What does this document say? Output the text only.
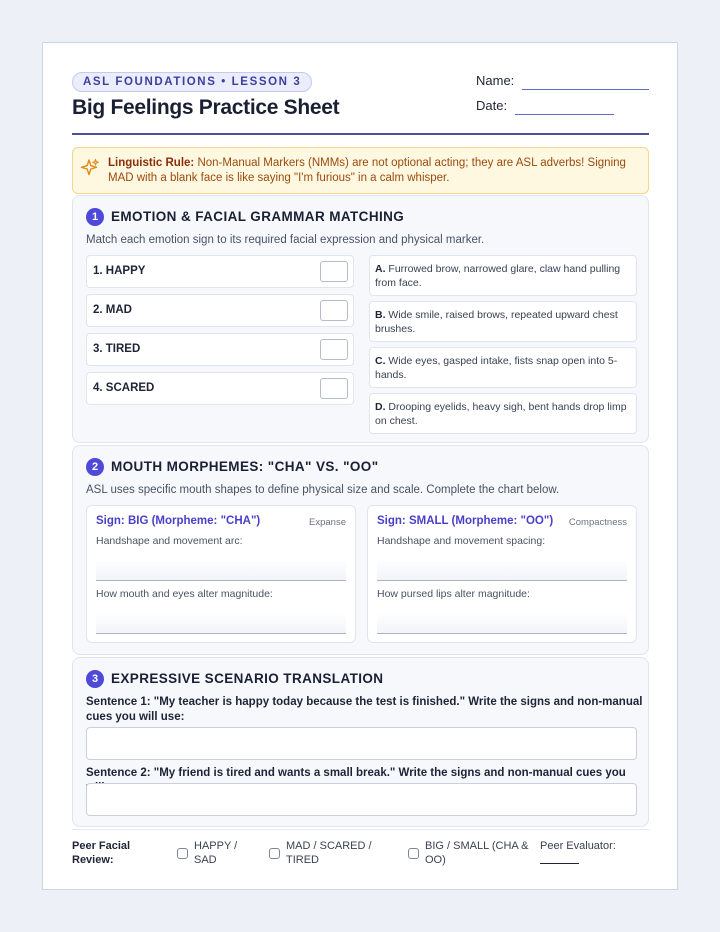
ASL FOUNDATIONS • LESSON 3
Big Feelings Practice Sheet
Name:
Date:
Linguistic Rule: Non-Manual Markers (NMMs) are not optional acting; they are ASL adverbs! Signing MAD with a blank face is like saying "I'm furious" in a calm whisper.
1 EMOTION & FACIAL GRAMMAR MATCHING
Match each emotion sign to its required facial expression and physical marker.
1. HAPPY
2. MAD
3. TIRED
4. SCARED
A. Furrowed brow, narrowed glare, claw hand pulling from face.
B. Wide smile, raised brows, repeated upward chest brushes.
C. Wide eyes, gasped intake, fists snap open into 5-hands.
D. Drooping eyelids, heavy sigh, bent hands drop limp on chest.
2 MOUTH MORPHEMES: "CHA" VS. "OO"
ASL uses specific mouth shapes to define physical size and scale. Complete the chart below.
Sign: BIG (Morpheme: "CHA")	Expanse
Handshape and movement arc:
How mouth and eyes alter magnitude:
Sign: SMALL (Morpheme: "OO") Compactness
Handshape and movement spacing:
How pursed lips alter magnitude:
3 EXPRESSIVE SCENARIO TRANSLATION
Sentence 1: "My teacher is happy today because the test is finished." Write the signs and non-manual cues you will use:
Sentence 2: "My friend is tired and wants a small break." Write the signs and non-manual cues you
Peer Facial Review:
HAPPY / SAD
MAD / SCARED / TIRED
BIG / SMALL (CHA & OO)
Peer Evaluator:
